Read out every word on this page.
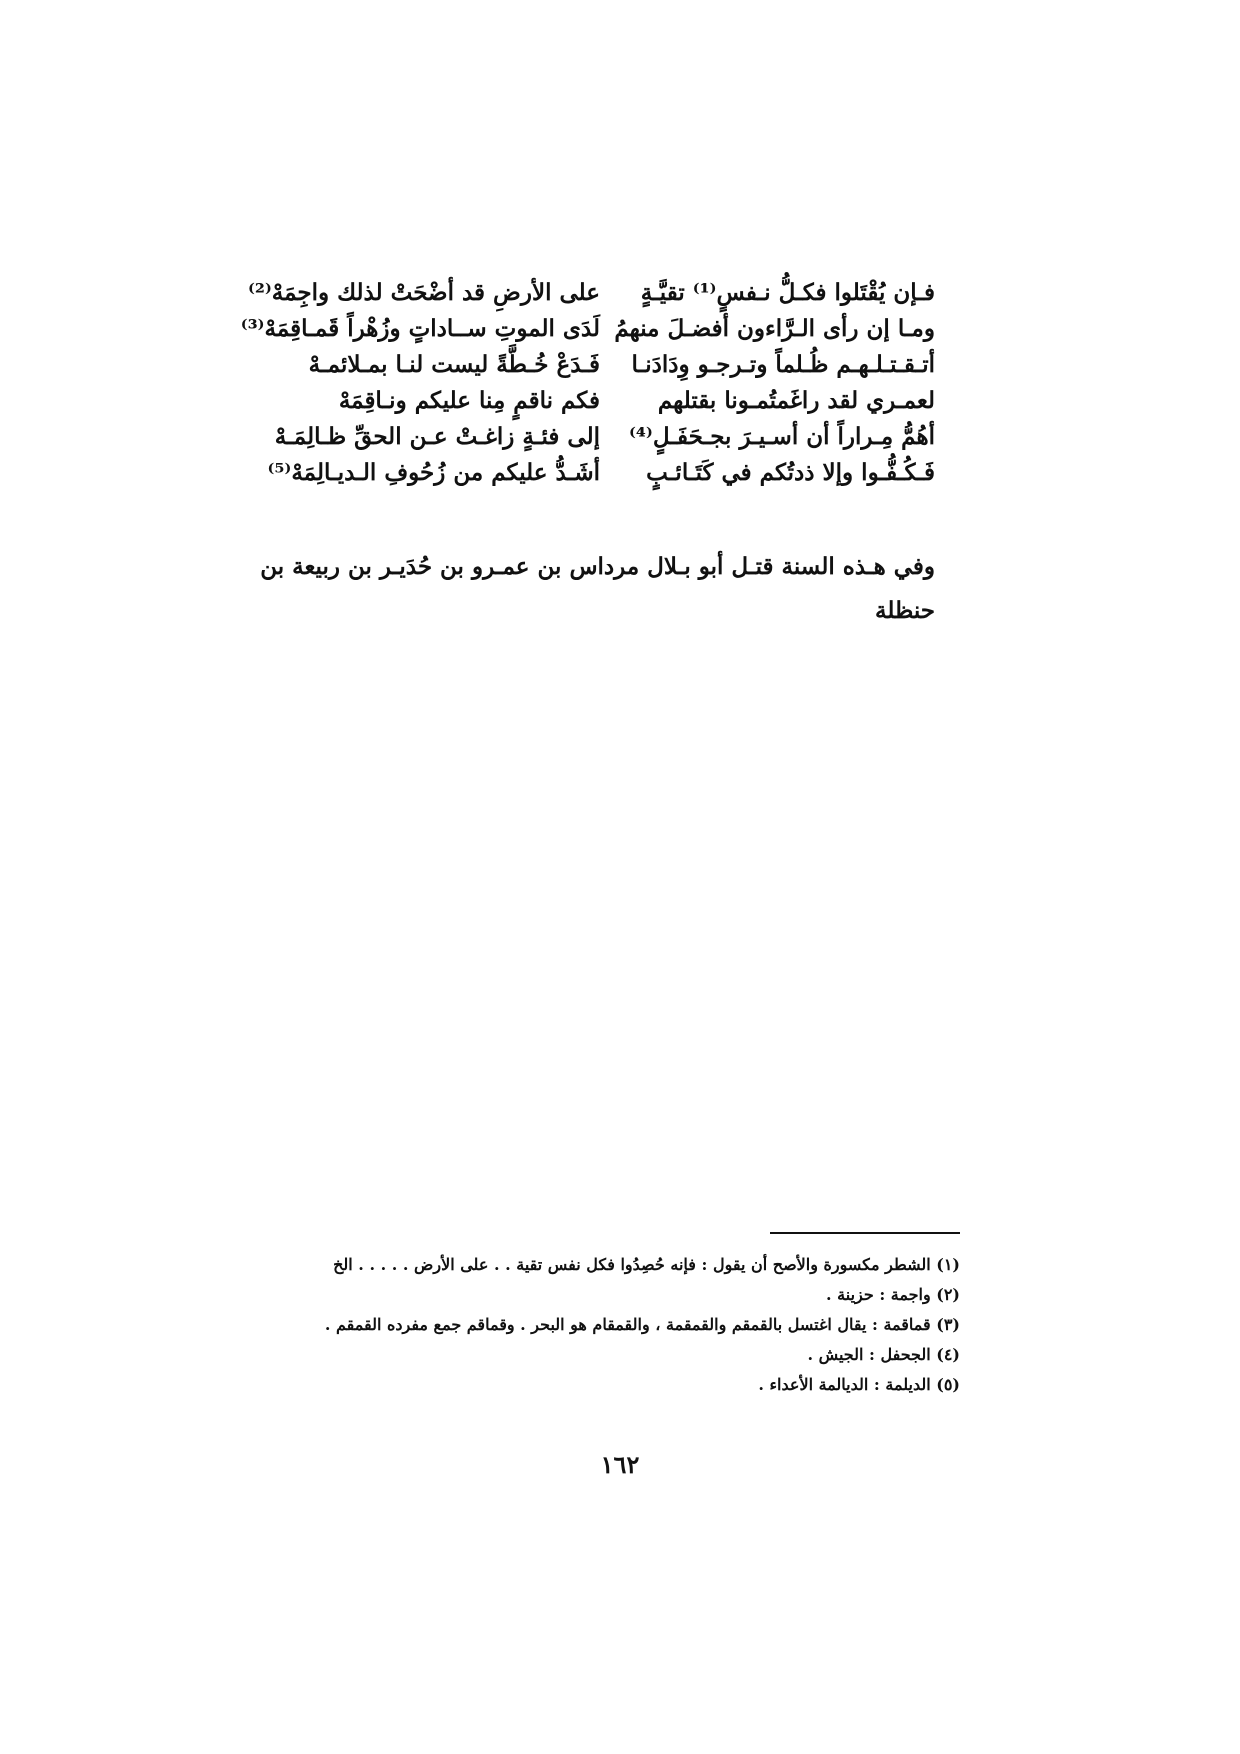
فـإن يُقْتَلوا فكـلُّ نـفسٍ⁽¹⁾ تقيَّـةٍ
على الأرضِ قد أضْحَتْ لذلك واجِمَهْ⁽²⁾
ومـا إن رأى الـرَّاءون أفضـلَ منهمُ
لَدَى الموتِ ســاداتٍ وزُهْراً قَمـاقِمَهْ⁽³⁾
أتـقـتـلـهـم ظُـلماً وتـرجـو وِدَادَنـا
فَـدَعْ خُـطَّةً ليست لنـا بمـلائمـهْ
لعمـري لقد راغَمتُمـونا بقتلهم
فكم ناقمٍ مِنا عليكم ونـاقِمَهْ
أهُمُّ مِـراراً أن أسـيـرَ بجـحَفَـلٍ⁽⁴⁾
إلى فئـةٍ زاغـتْ عـن الحقِّ ظـالِمَـهْ
فَـكُـفُّـوا وإلا ذدتُكم في كَتَـائـبٍ
أشَـدُّ عليكم من زُحُوفِ الـديـالِمَهْ⁽⁵⁾
وفي هـذه السنة قتـل أبو بـلال مرداس بن عمـرو بن حُدَيـر بن ربيعة بن
حنظلة
(١) الشطر مكسورة والأصح أن يقول : فإنه حُصِدُوا فكل نفس تقية . . على الأرض . . . . . الخ
(٢) واجمة : حزينة .
(٣) قماقمة : يقال اغتسل بالقمقم والقمقمة ، والقمقام هو البحر . وقماقم جمع مفرده القمقم .
(٤) الجحفل : الجيش .
(٥) الديلمة : الديالمة الأعداء .
١٦٢
